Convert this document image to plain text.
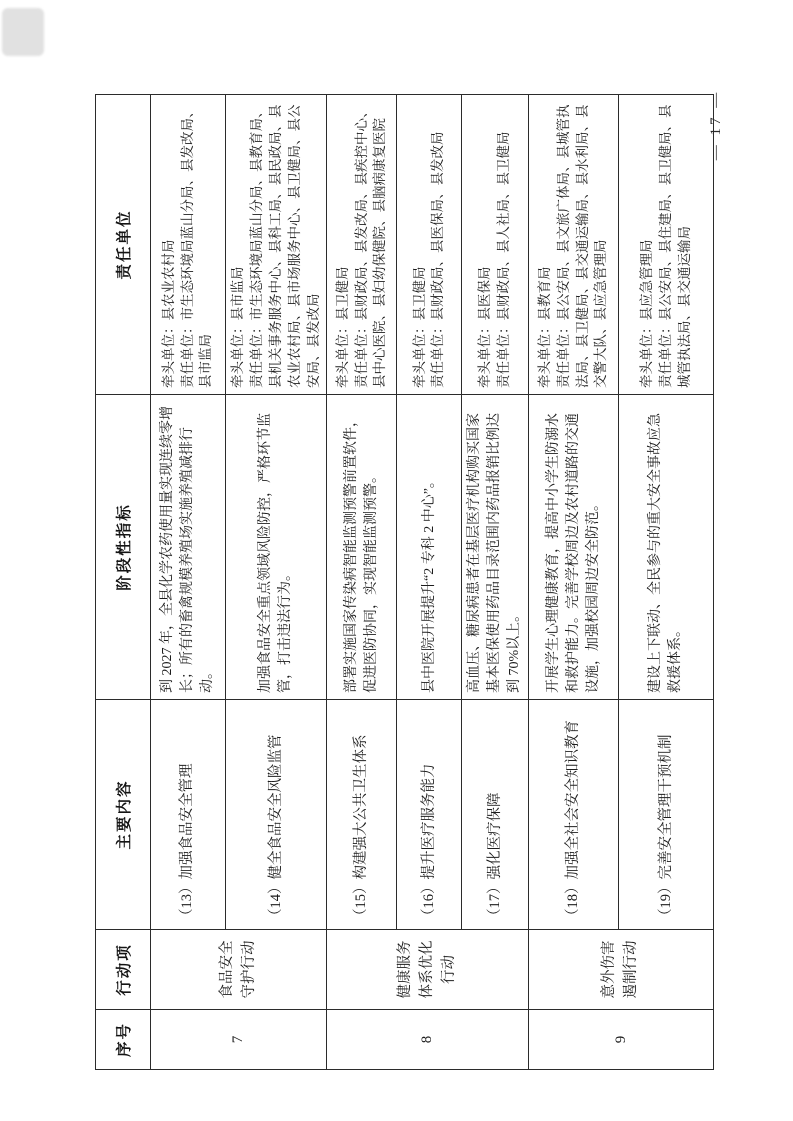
序号	行动项	主要内容	阶段性指标	责任单位
7	食品安全守护行动	（13）加强食品安全管理	到 2027 年，全县化学农药使用量实现连续零增长；所有的畜禽规模养殖场实施养殖减排行动。	牵头单位：县农业农村局 责任单位：市生态环境局蓝山分局、县发改局、县市监局

		（14）健全食品安全风险监管	加强食品安全重点领域风险防控，严格环节监管，打击违法行为。	牵头单位：县市监局 责任单位：市生态环境局蓝山分局、县教育局、县机关事务服务中心、县科工局、县民政局、县农业农村局、县市场服务中心、县卫健局、县公安局、县发改局

8	健康服务体系优化行动	（15）构建强大公共卫生体系	部署实施国家传染病智能监测预警前置软件，促进医防协同，实现智能监测预警。	牵头单位：县卫健局 责任单位：县财政局、县发改局、县疾控中心、县中心医院、县妇幼保健院、县脑病康复医院

		（16）提升医疗服务能力	县中医院开展提升“2 专科 2 中心”。	牵头单位：县卫健局 责任单位：县财政局、县医保局、县发改局

		（17）强化医疗保障	高血压、糖尿病患者在基层医疗机构购买国家基本医保使用药品目录范围内药品报销比例达到 70%以上。	牵头单位：县医保局 责任单位：县财政局、县人社局、县卫健局

9	意外伤害遏制行动	（18）加强全社会安全知识教育	开展学生心理健康教育，提高中小学生防溺水和救护能力。完善学校周边及农村道路的交通设施，加强校园周边安全防范。	牵头单位：县教育局 责任单位：县公安局、县文旅广体局、县城管执法局、县卫健局、县交通运输局、县水利局、县交警大队、县应急管理局

		（19）完善安全管理干预机制	建设上下联动、全民参与的重大安全事故应急救援体系。	牵头单位：县应急管理局 责任单位：县公安局、县住建局、县卫健局、县城管执法局、县交通运输局
— 17 —
